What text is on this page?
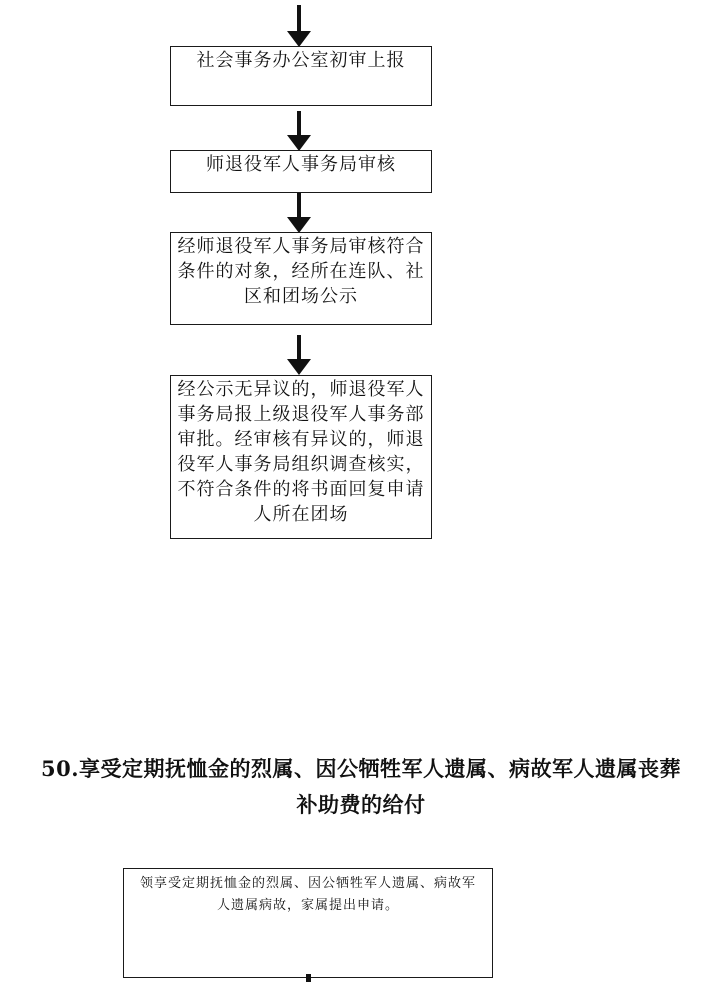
社会事务办公室初审上报
师退役军人事务局审核
经师退役军人事务局审核符合
条件的对象，经所在连队、社
区和团场公示
经公示无异议的，师退役军人
事务局报上级退役军人事务部
审批。经审核有异议的，师退
役军人事务局组织调查核实，
不符合条件的将书面回复申请
人所在团场
50.享受定期抚恤金的烈属、因公牺牲军人遗属、病故军人遗属丧葬
补助费的给付
领享受定期抚恤金的烈属、因公牺牲军人遗属、病故军
人遗属病故，家属提出申请。
